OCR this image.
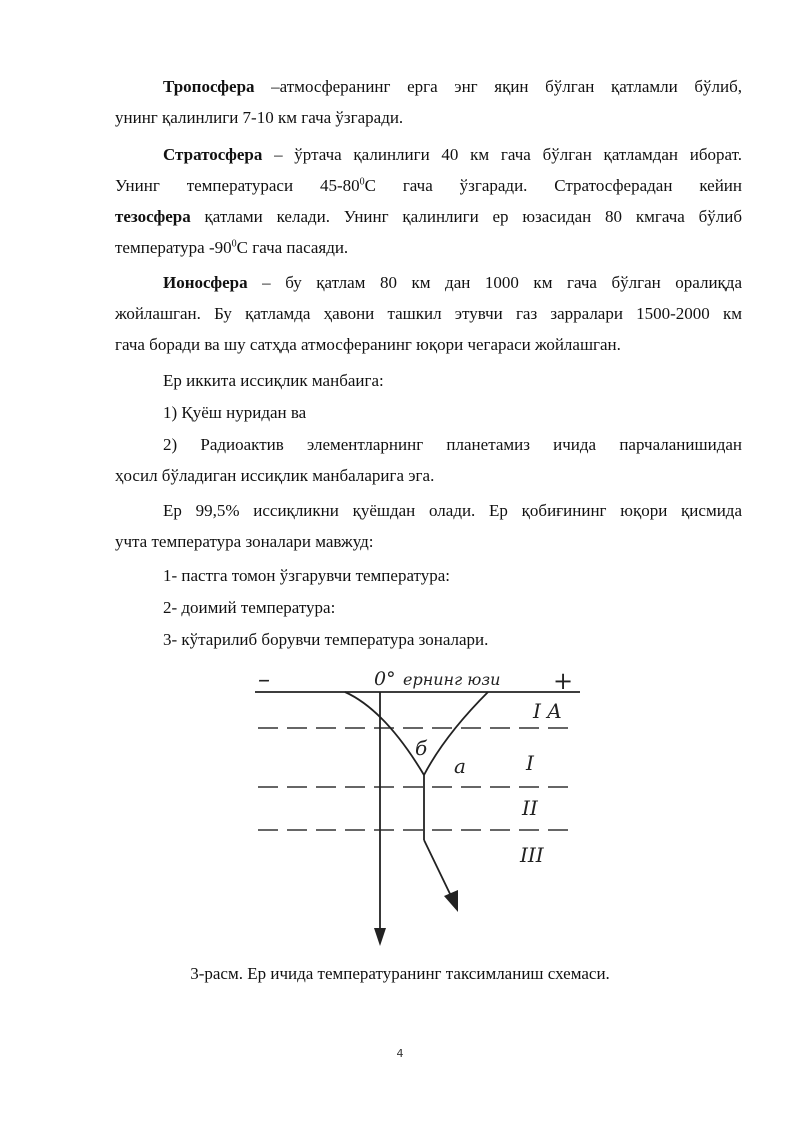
Тропосфера –атмосферанинг ерга энг яқин бўлган қатламли бўлиб,
унинг қалинлиги 7-10 км гача ўзгаради.

Стратосфера – ўртача қалинлиги 40 км гача бўлган қатламдан иборат.
Унинг температураси $45-80^0С$ гача ўзгаради. Стратосферадан кейин
тезосфера қатлами келади. Унинг қалинлиги ер юзасидан 80 кмгача бўлиб
температура $-90^0С$ гача пасаяди.

Ионосфера – бу қатлам 80 км дан 1000 км гача бўлган оралиқда
жойлашган. Бу қатламда ҳавони ташкил этувчи газ зарралари 1500-2000 км
гача боради ва шу сатҳда атмосферанинг юқори чегараси жойлашган.

Ер иккита иссиқлик манбаига:

1) Қуёш нуридан ва

2) Радиоактив элементларнинг планетамиз ичида парчаланишидан
ҳосил бўладиган иссиқлик манбаларига эга.

Ер 99,5% иссиқликни қуёшдан олади. Ер қобиғининг юқори қисмида
учта температура зоналари мавжуд:

1- пастга томон ўзгарувчи температура:

2- доимий температура:

3- кўтарилиб борувчи температура зоналари.

–	0° ернинг юзи +
I A
I
II
III
б
а

3-расм. Ер ичида температуранинг таксимланиш схемаси.

4
